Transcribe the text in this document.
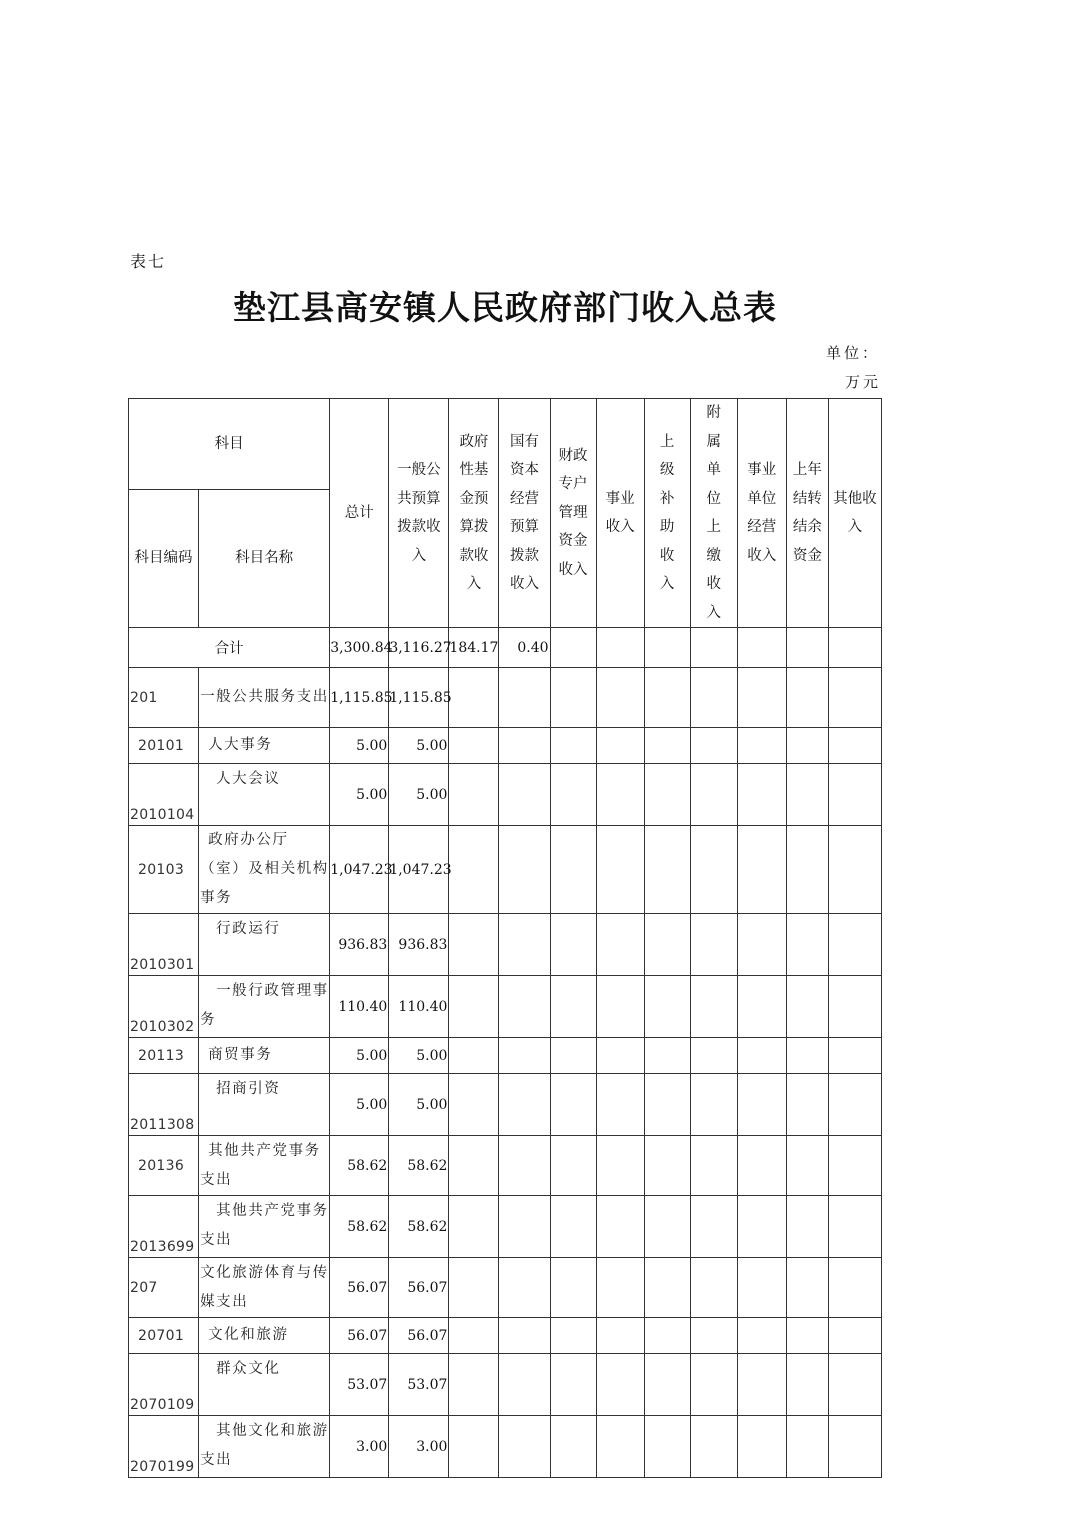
表七
垫江县高安镇人民政府部门收入总表
单位：
万元
科目		总计	一般公共预算拨款收入	政府性基金预算拨款收入	国有资本经营预算拨款收入	财政专户管理资金收入	事业收入	上级补助收入	附属单位上缴收入	事业单位经营收入	上年结转结余资金	其他收入
科目编码	科目名称											
合计		3,300.84	3,116.27	184.17	0.40							
201	一般公共服务支出	1,115.85	1,115.85									
20101	人大事务	5.00	5.00									
2010104	人大会议	5.00	5.00									
20103	政府办公厅（室）及相关机构事务	1,047.23	1,047.23									
2010301	行政运行	936.83	936.83									
2010302	一般行政管理事务	110.40	110.40									
20113	商贸事务	5.00	5.00									
2011308	招商引资	5.00	5.00									
20136	其他共产党事务支出	58.62	58.62									
2013699	其他共产党事务支出	58.62	58.62									
207	文化旅游体育与传媒支出	56.07	56.07									
20701	文化和旅游	56.07	56.07									
2070109	群众文化	53.07	53.07									
2070199	其他文化和旅游支出	3.00	3.00									
